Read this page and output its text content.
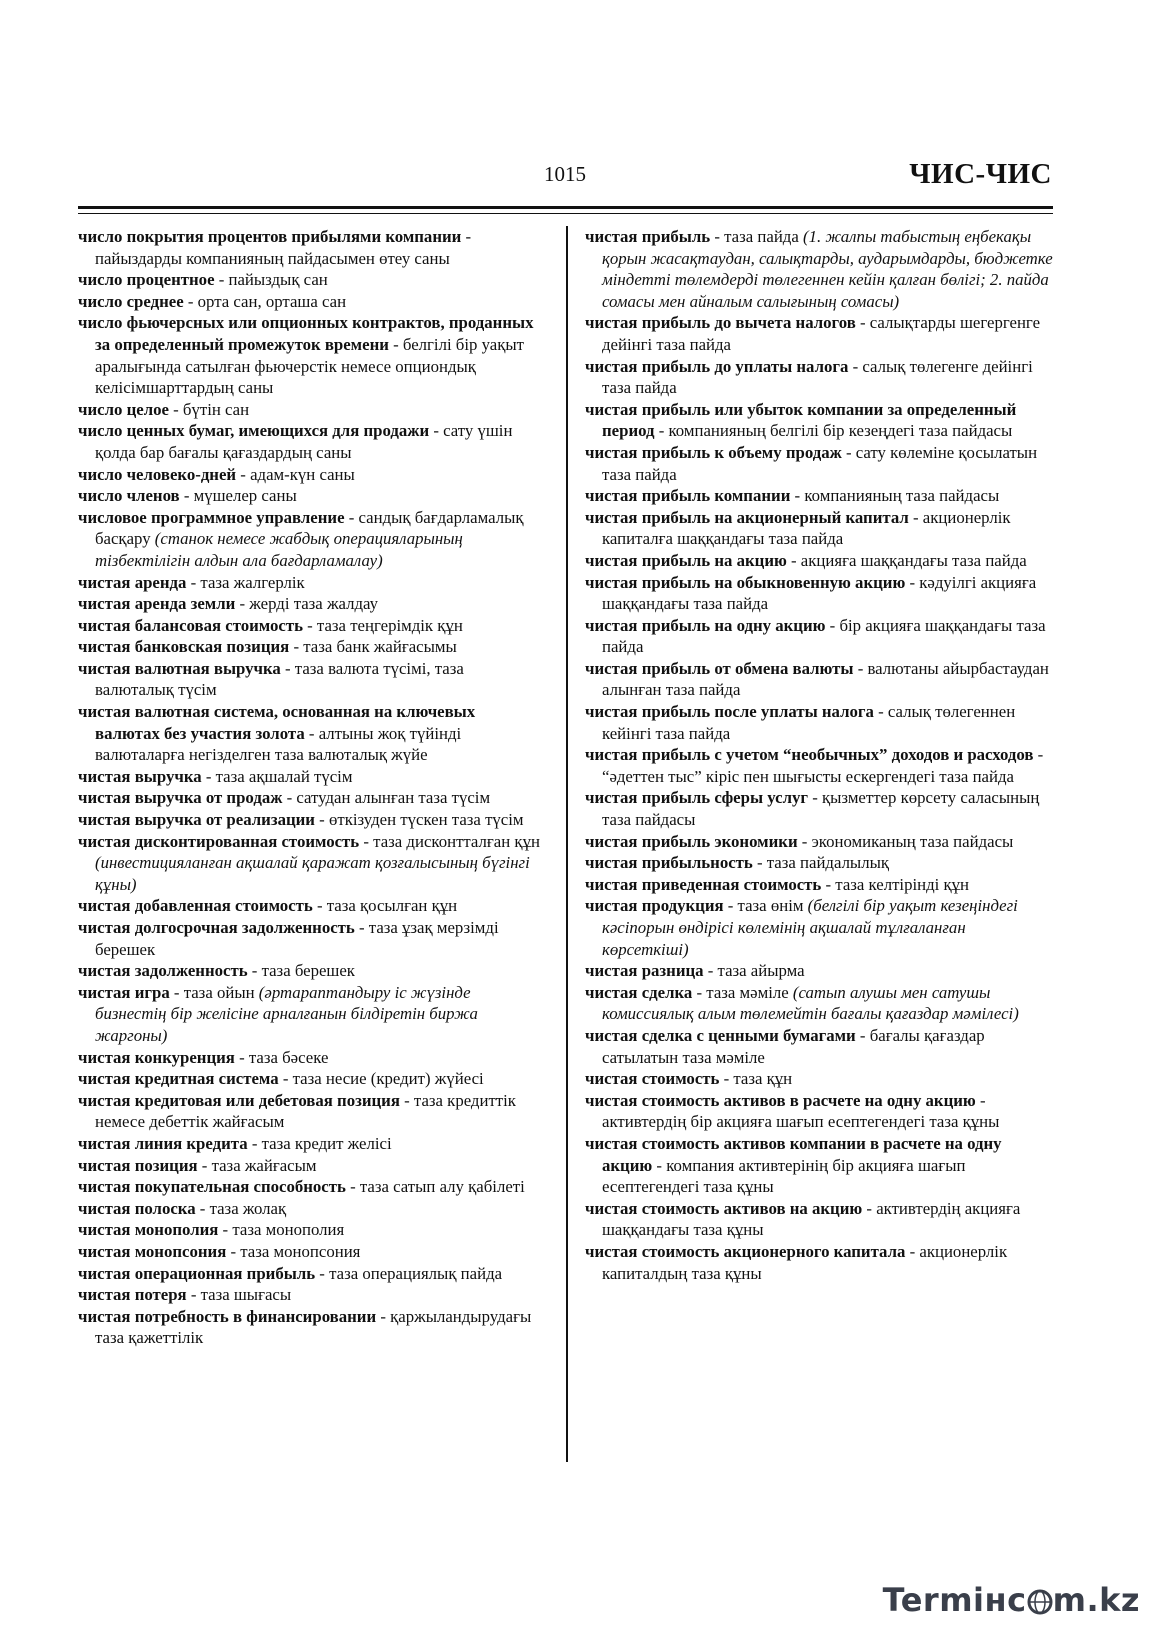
1015	ЧИС-ЧИС

число покрытия процентов прибылями компании - пайыздарды компанияның пайдасымен өтеу саны

число процентное - пайыздық сан

число среднее - орта сан, орташа сан

число фьючерсных или опционных контрактов, проданных за определенный промежуток времени - белгілі бір уақыт аралығында сатылған фьючерстік немесе опциондық келісімшарттардың саны

число целое - бүтін сан

число ценных бумаг, имеющихся для продажи - сату үшін қолда бар бағалы қағаздардың саны

число человеко-дней - адам-күн саны

число членов - мүшелер саны

числовое программное управление - сандық бағдарламалық басқару (станок немесе жабдық операцияларының тізбектілігін алдын ала бағдарламалау)

чистая аренда - таза жалгерлік

чистая аренда земли - жерді таза жалдау

чистая балансовая стоимость - таза теңгерімдік құн

чистая банковская позиция - таза банк жайғасымы

чистая валютная выручка - таза валюта түсімі, таза валюталық түсім

чистая валютная система, основанная на ключевых валютах без участия золота - алтыны жоқ түйінді валюталарға негізделген таза валюталық жүйе

чистая выручка - таза ақшалай түсім

чистая выручка от продаж - сатудан алынған таза түсім

чистая выручка от реализации - өткізуден түскен таза түсім

чистая дисконтированная стоимость - таза дисконтталған құн (инвестицияланған ақшалай қаражат қозғалысының бүгінгі құны)

чистая добавленная стоимость - таза қосылған құн

чистая долгосрочная задолженность - таза ұзақ мерзімді берешек

чистая задолженность - таза берешек

чистая игра - таза ойын (әртараптандыру іс жүзінде бизнестің бір желісіне арналғанын білдіретін биржа жаргоны)

чистая конкуренция - таза бәсеке

чистая кредитная система - таза несие (кредит) жүйесі

чистая кредитовая или дебетовая позиция - таза кредиттік немесе дебеттік жайғасым

чистая линия кредита - таза кредит желісі

чистая позиция - таза жайғасым

чистая покупательная способность - таза сатып алу қабілеті

чистая полоска - таза жолақ

чистая монополия - таза монополия

чистая монопсония - таза монопсония

чистая операционная прибыль - таза операциялық пайда

чистая потеря - таза шығасы

чистая потребность в финансировании - қаржыландырудағы таза қажеттілік

чистая прибыль - таза пайда (1. жалпы табыстың еңбекақы қорын жасақтаудан, салықтарды, аударымдарды, бюджетке міндетті төлемдерді төлегеннен кейін қалған бөлігі; 2. пайда сомасы мен айналым салығының сомасы)

чистая прибыль до вычета налогов - салықтарды шегергенге дейінгі таза пайда

чистая прибыль до уплаты налога - салық төлегенге дейінгі таза пайда

чистая прибыль или убыток компании за определенный период - компанияның белгілі бір кезеңдегі таза пайдасы

чистая прибыль к объему продаж - сату көлеміне қосылатын таза пайда

чистая прибыль компании - компанияның таза пайдасы

чистая прибыль на акционерный капитал - акционерлік капиталға шаққандағы таза пайда

чистая прибыль на акцию - акцияға шаққандағы таза пайда

чистая прибыль на обыкновенную акцию - кәдуілгі акцияға шаққандағы таза пайда

чистая прибыль на одну акцию - бір акцияға шаққандағы таза пайда

чистая прибыль от обмена валюты - валютаны айырбастаудан алынған таза пайда

чистая прибыль после уплаты налога - салық төлегеннен кейінгі таза пайда

чистая прибыль с учетом “необычных” доходов и расходов - “әдеттен тыс” кіріс пен шығысты ескергендегі таза пайда

чистая прибыль сферы услуг - қызметтер көрсету саласының таза пайдасы

чистая прибыль экономики - экономиканың таза пайдасы

чистая прибыльность - таза пайдалылық

чистая приведенная стоимость - таза келтірінді құн

чистая продукция - таза өнім (белгілі бір уақыт кезеңіндегі кәсіпорын өндірісі көлемінің ақшалай тұлғаланған көрсеткіші)

чистая разница - таза айырма

чистая сделка - таза мәміле (сатып алушы мен сатушы комиссиялық алым төлемейтін бағалы қағаздар мәмілесі)

чистая сделка с ценными бумагами - бағалы қағаздар сатылатын таза мәміле

чистая стоимость - таза құн

чистая стоимость активов в расчете на одну акцию - активтердің бір акцияға шағып есептегендегі таза құны

чистая стоимость активов компании в расчете на одну акцию - компания активтерінің бір акцияға шағып есептегендегі таза құны

чистая стоимость активов на акцию - активтердің акцияға шаққандағы таза құны

чистая стоимость акционерного капитала - акционерлік капиталдың таза құны

Termінс m.kz
